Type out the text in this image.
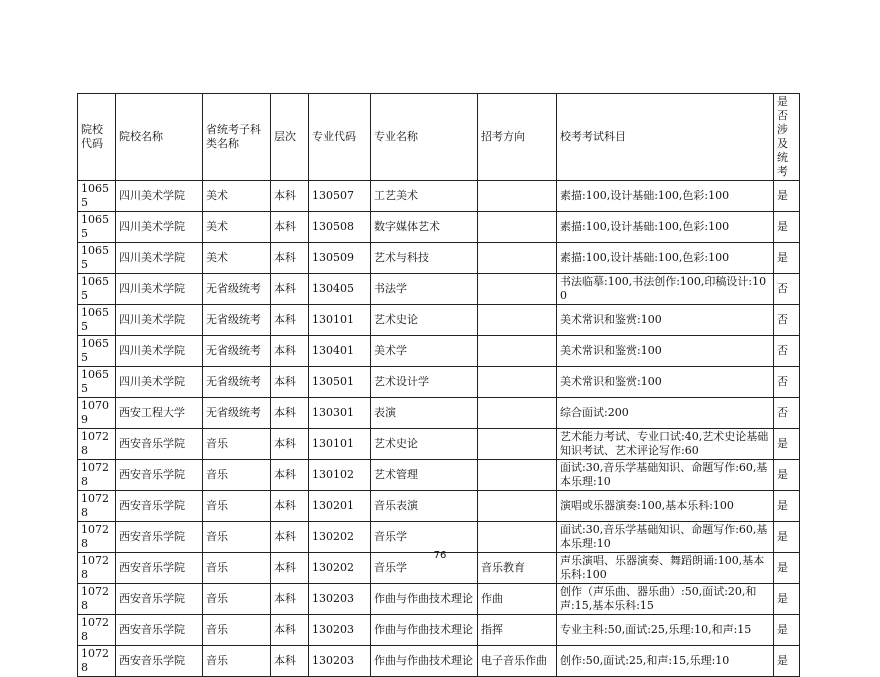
院校代码	院校名称	省统考子科类名称	层次	专业代码	专业名称	招考方向	校考考试科目	是否涉及统考
10655	四川美术学院	美术	本科	130507	工艺美术		素描:100,设计基础:100,色彩:100	是
10655	四川美术学院	美术	本科	130508	数字媒体艺术		素描:100,设计基础:100,色彩:100	是
10655	四川美术学院	美术	本科	130509	艺术与科技		素描:100,设计基础:100,色彩:100	是
10655	四川美术学院	无省级统考	本科	130405	书法学		书法临摹:100,书法创作:100,印稿设计:100	否
10655	四川美术学院	无省级统考	本科	130101	艺术史论		美术常识和鉴赏:100	否
10655	四川美术学院	无省级统考	本科	130401	美术学		美术常识和鉴赏:100	否
10655	四川美术学院	无省级统考	本科	130501	艺术设计学		美术常识和鉴赏:100	否
10709	西安工程大学	无省级统考	本科	130301	表演		综合面试:200	否
10728	西安音乐学院	音乐	本科	130101	艺术史论		艺术能力考试、专业口试:40,艺术史论基础知识考试、艺术评论写作:60	是
10728	西安音乐学院	音乐	本科	130102	艺术管理		面试:30,音乐学基础知识、命题写作:60,基本乐理:10	是
10728	西安音乐学院	音乐	本科	130201	音乐表演		演唱或乐器演奏:100,基本乐科:100	是
10728	西安音乐学院	音乐	本科	130202	音乐学		面试:30,音乐学基础知识、命题写作:60,基本乐理:10	是
10728	西安音乐学院	音乐	本科	130202	音乐学	音乐教育	声乐演唱、乐器演奏、舞蹈朗诵:100,基本乐科:100	是
10728	西安音乐学院	音乐	本科	130203	作曲与作曲技术理论	作曲	创作（声乐曲、器乐曲）:50,面试:20,和声:15,基本乐科:15	是
10728	西安音乐学院	音乐	本科	130203	作曲与作曲技术理论	指挥	专业主科:50,面试:25,乐理:10,和声:15	是
10728	西安音乐学院	音乐	本科	130203	作曲与作曲技术理论	电子音乐作曲	创作:50,面试:25,和声:15,乐理:10	是
76
